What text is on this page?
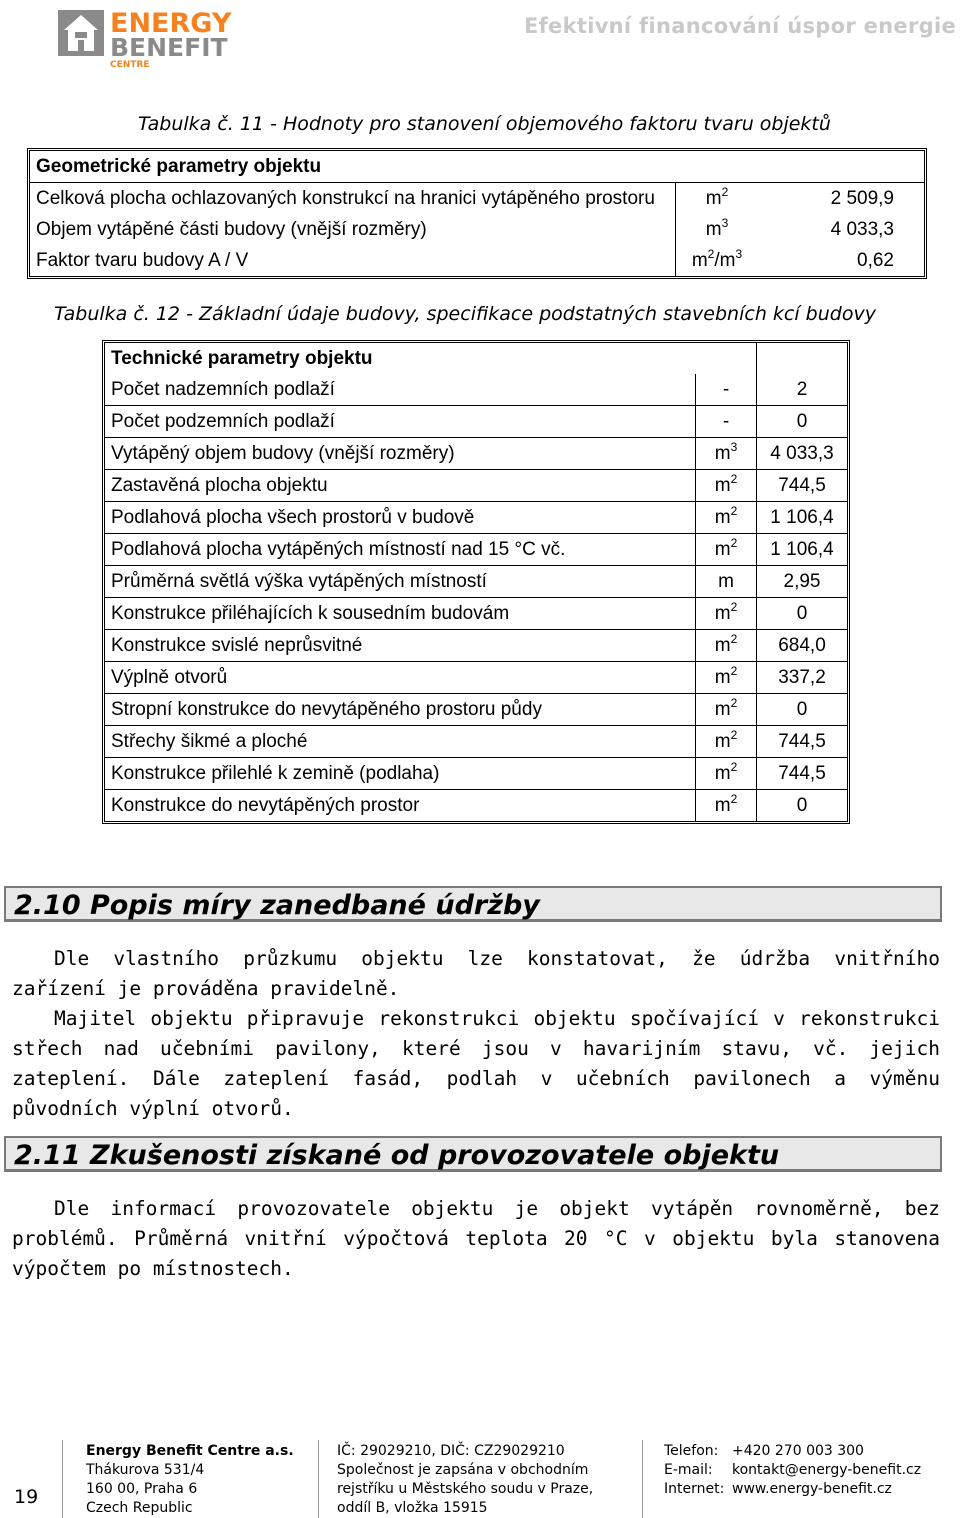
ENERGY
BENEFIT
CENTRE
Efektivní financování úspor energie
Tabulka č. 11 - Hodnoty pro stanovení objemového faktoru tvaru objektů
Geometrické parametry objektu		
Celková plocha ochlazovaných konstrukcí na hranici vytápěného prostoru	$m^2$	2 509,9
Objem vytápěné části budovy (vnější rozměry)	$m^3$	4 033,3
Faktor tvaru budovy A / V	$m^2/m^3$	0,62
Tabulka č. 12 - Základní údaje budovy, specifikace podstatných stavebních kcí budovy
Technické parametry objektu		
Počet nadzemních podlaží	-	2
Počet podzemních podlaží	-	0
Vytápěný objem budovy (vnější rozměry)	$m^3$	4 033,3
Zastavěná plocha objektu	$m^2$	744,5
Podlahová plocha všech prostorů v budově	$m^2$	1 106,4
Podlahová plocha vytápěných místností nad 15 °C vč.	$m^2$	1 106,4
Průměrná světlá výška vytápěných místností	m	2,95
Konstrukce přiléhajících k sousedním budovám	$m^2$	0
Konstrukce svislé neprůsvitné	$m^2$	684,0
Výplně otvorů	$m^2$	337,2
Stropní konstrukce do nevytápěného prostoru půdy	$m^2$	0
Střechy šikmé a ploché	$m^2$	744,5
Konstrukce přilehlé k zemině (podlaha)	$m^2$	744,5
Konstrukce do nevytápěných prostor	$m^2$	0
2.10 Popis míry zanedbané údržby

Dle vlastního průzkumu objektu lze konstatovat, že údržba vnitřního zařízení je prováděna pravidelně.

Majitel objektu připravuje rekonstrukci objektu spočívající v rekonstrukci střech nad učebními pavilony, které jsou v havarijním stavu, vč. jejich zateplení. Dále zateplení fasád, podlah v učebních pavilonech a výměnu původních výplní otvorů.

2.11 Zkušenosti získané od provozovatele objektu

Dle informací provozovatele objektu je objekt vytápěn rovnoměrně, bez problémů. Průměrná vnitřní výpočtová teplota 20 °C v objektu byla stanovena výpočtem po místnostech.

19
Energy Benefit Centre a.s.
Thákurova 531/4
160 00, Praha 6
Czech Republic
IČ: 29029210, DIČ: CZ29029210
Společnost je zapsána v obchodním
rejstříku u Městského soudu v Praze,
oddíl B, vložka 15915
Telefon: +420 270 003 300
E-mail: kontakt@energy-benefit.cz
Internet: www.energy-benefit.cz
